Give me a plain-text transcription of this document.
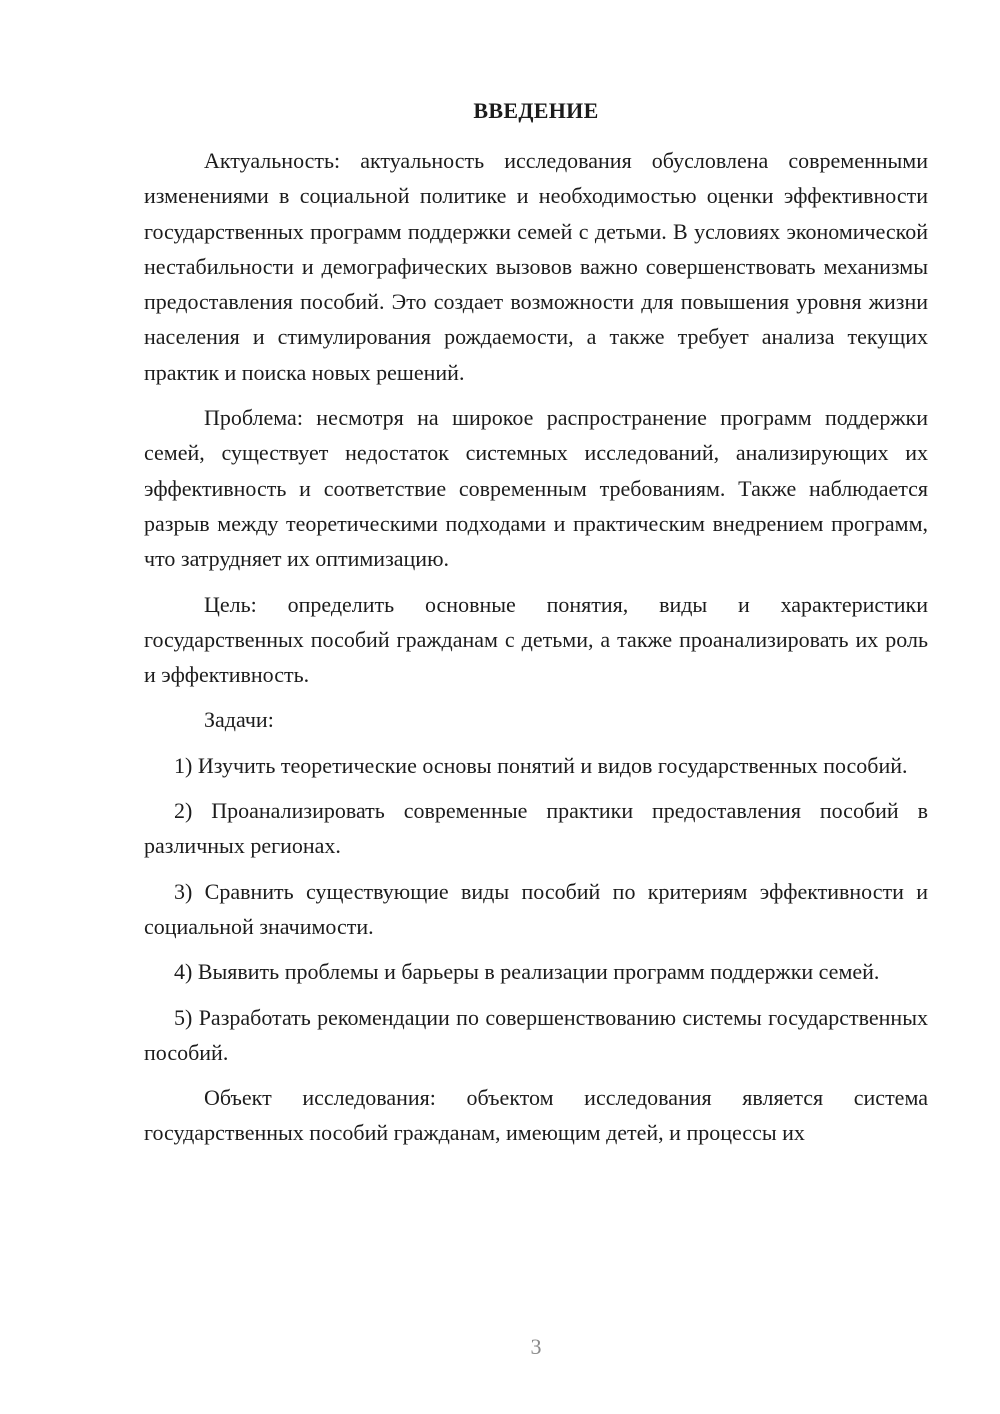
ВВЕДЕНИЕ

Актуальность: актуальность исследования обусловлена современными изменениями в социальной политике и необходимостью оценки эффективности государственных программ поддержки семей с детьми. В условиях экономической нестабильности и демографических вызовов важно совершенствовать механизмы предоставления пособий. Это создает возможности для повышения уровня жизни населения и стимулирования рождаемости, а также требует анализа текущих практик и поиска новых решений.

Проблема: несмотря на широкое распространение программ поддержки семей, существует недостаток системных исследований, анализирующих их эффективность и соответствие современным требованиям. Также наблюдается разрыв между теоретическими подходами и практическим внедрением программ, что затрудняет их оптимизацию.

Цель: определить основные понятия, виды и характеристики государственных пособий гражданам с детьми, а также проанализировать их роль и эффективность.

Задачи:

1) Изучить теоретические основы понятий и видов государственных пособий.

2) Проанализировать современные практики предоставления пособий в различных регионах.

3) Сравнить существующие виды пособий по критериям эффективности и социальной значимости.

4) Выявить проблемы и барьеры в реализации программ поддержки семей.

5) Разработать рекомендации по совершенствованию системы государственных пособий.

Объект исследования: объектом исследования является система государственных пособий гражданам, имеющим детей, и процессы их

3
